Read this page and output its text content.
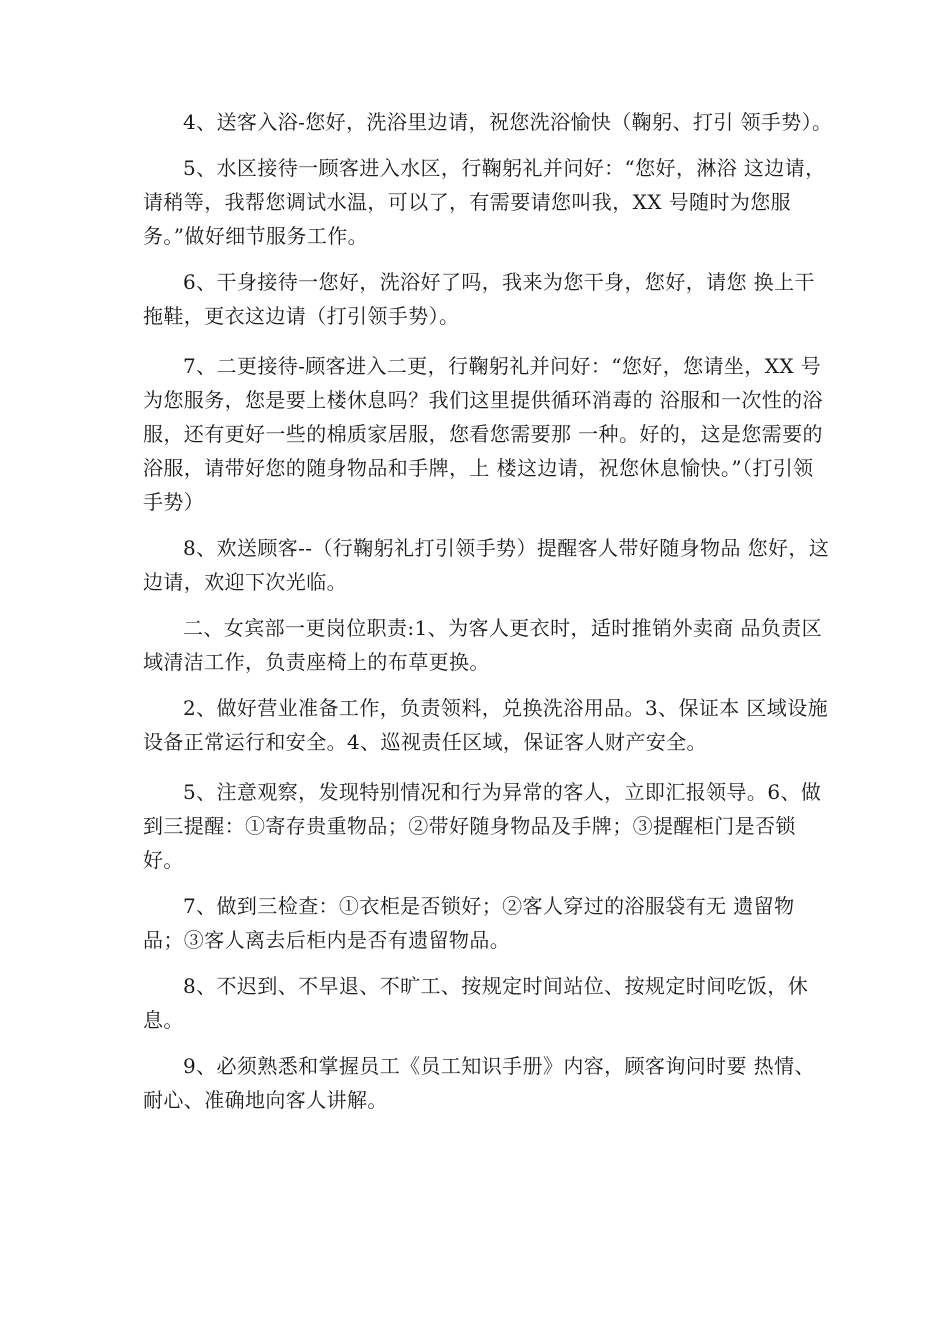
4、送客入浴-您好，洗浴里边请，祝您洗浴愉快（鞠躬、打引 领手势）。

5、水区接待一顾客进入水区，行鞠躬礼并问好：“您好，淋浴 这边请，请稍等，我帮您调试水温，可以了，有需要请您叫我，XX 号随时为您服务。”做好细节服务工作。

6、干身接待一您好，洗浴好了吗，我来为您干身，您好，请您 换上干拖鞋，更衣这边请（打引领手势）。

7、二更接待-顾客进入二更，行鞠躬礼并问好：“您好，您请坐，XX 号为您服务，您是要上楼休息吗？我们这里提供循环消毒的 浴服和一次性的浴服，还有更好一些的棉质家居服，您看您需要那 一种。好的，这是您需要的浴服，请带好您的随身物品和手牌，上 楼这边请，祝您休息愉快。”（打引领手势）

8、欢送顾客--（行鞠躬礼打引领手势）提醒客人带好随身物品 您好，这边请，欢迎下次光临。

二、女宾部一更岗位职责:1、为客人更衣时，适时推销外卖商 品负责区域清洁工作，负责座椅上的布草更换。

2、做好营业准备工作，负责领料，兑换洗浴用品。3、保证本 区域设施设备正常运行和安全。4、巡视责任区域，保证客人财产安全。

5、注意观察，发现特别情况和行为异常的客人，立即汇报领导。6、做到三提醒：①寄存贵重物品；②带好随身物品及手牌；③提醒柜门是否锁好。

7、做到三检查：①衣柜是否锁好；②客人穿过的浴服袋有无 遗留物品；③客人离去后柜内是否有遗留物品。

8、不迟到、不早退、不旷工、按规定时间站位、按规定时间吃饭，休息。

9、必须熟悉和掌握员工《员工知识手册》内容，顾客询问时要 热情、耐心、准确地向客人讲解。
